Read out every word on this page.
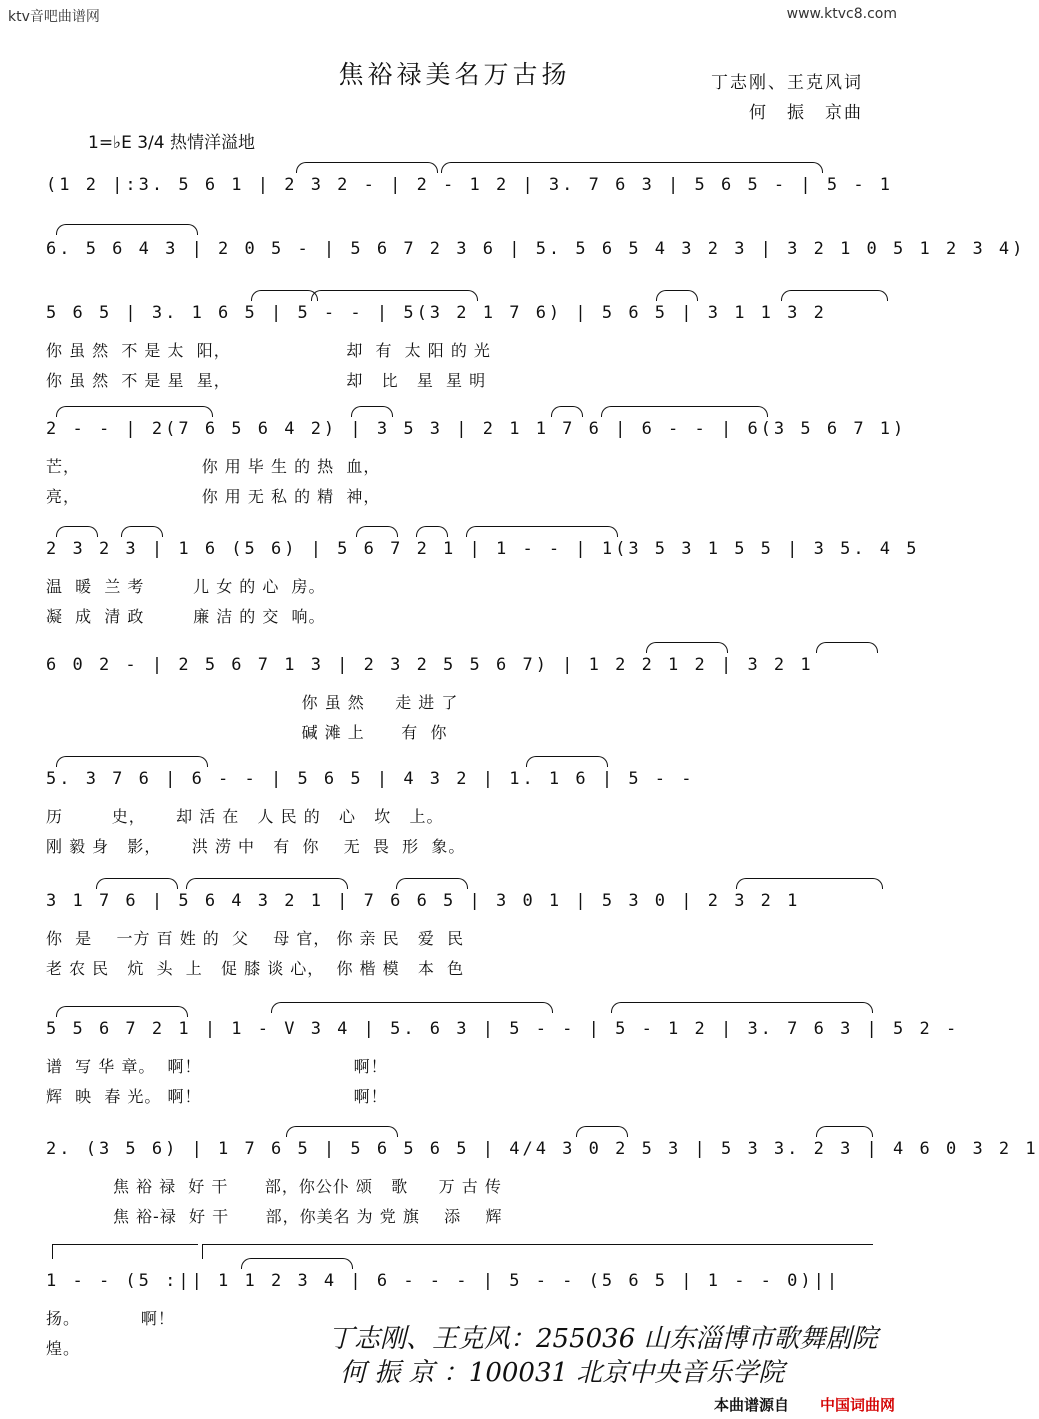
ktv音吧曲谱网	www.ktvc8.com
焦裕禄美名万古扬	丁志刚、王克风词
何　振　京曲
1=♭E 3/4 热情洋溢地
(1 2 |:3. 5 6 1 | 2 3 2 - | 2 - 1 2 | 3. 7 6 3 | 5 6 5 - | 5 - 1
6. 5 6 4 3 | 2 0 5 - | 5 6 7 2 3 6 | 5. 5 6 5 4 3 2 3 | 3 2 1 0 5 1 2 3 4)
5 6 5 | 3. 1 6 5 | 5 - - | 5(3 2 1 7 6) | 5 6 5 | 3 1 1 3 2
你 虽 然  不 是 太  阳，                   却  有  太 阳 的 光
你 虽 然  不 是 星  星，                   却   比   星  星 明
2 - - | 2(7 6 5 6 4 2) | 3 5 3 | 2 1 1 7 6 | 6 - - | 6(3 5 6 7 1)
芒，                    你 用 毕 生 的 热  血，
亮，                    你 用 无 私 的 精  神，
2 3 2 3 | 1 6 (5 6) | 5 6 7 2 1 | 1 - - | 1(3 5 3 1 5 5 | 3 5. 4 5
温  暖  兰 考        儿 女 的 心  房。
凝  成  清 政        廉 洁 的 交  响。
6 0 2 - | 2 5 6 7 1 3 | 2 3 2 5 5 6 7) | 1 2 2 1 2 | 3 2 1
你 虽 然     走 进 了
碱 滩 上      有  你
5. 3 7 6 | 6 - - | 5 6 5 | 4 3 2 | 1. 1 6 | 5 - -
历        史，     却 活 在   人 民 的   心   坎   上。
刚 毅 身   影，     洪 涝 中   有  你    无  畏  形  象。
3 1 7 6 | 5 6 4 3 2 1 | 7 6 6 5 | 3 0 1 | 5 3 0 | 2 3 2 1
你  是    一方 百 姓 的  父    母 官， 你 亲 民   爱  民
老 农 民   炕  头  上   促 膝 谈 心，  你 楷 模   本  色
5 5 6 7 2 1 | 1 - V 3 4 | 5. 6 3 | 5 - - | 5 - 1 2 | 3. 7 6 3 | 5 2 -
谱  写 华 章。  啊！                         啊！
辉  映  春 光。 啊！                         啊！
2. (3 5 6) | 1 7 6 5 | 5 6 5 6 5 | 4/4 3 0 2 5 3 | 5 3 3. 2 3 | 4 6 0 3 2 1
焦 裕 禄  好 干      部，你公仆 颂   歌     万 古 传
焦 裕-禄  好 干      部，你美名 为 党 旗    添    辉
1 - - (5 :|| 1 1 2 3 4 | 6 - - - | 5 - - (5 6 5 | 1 - - 0)||
扬。          啊！
煌。	丁志刚、王克风：255036 山东淄博市歌舞剧院
何 振 京 ：100031 北京中央音乐学院
本曲谱源自 中国词曲网
